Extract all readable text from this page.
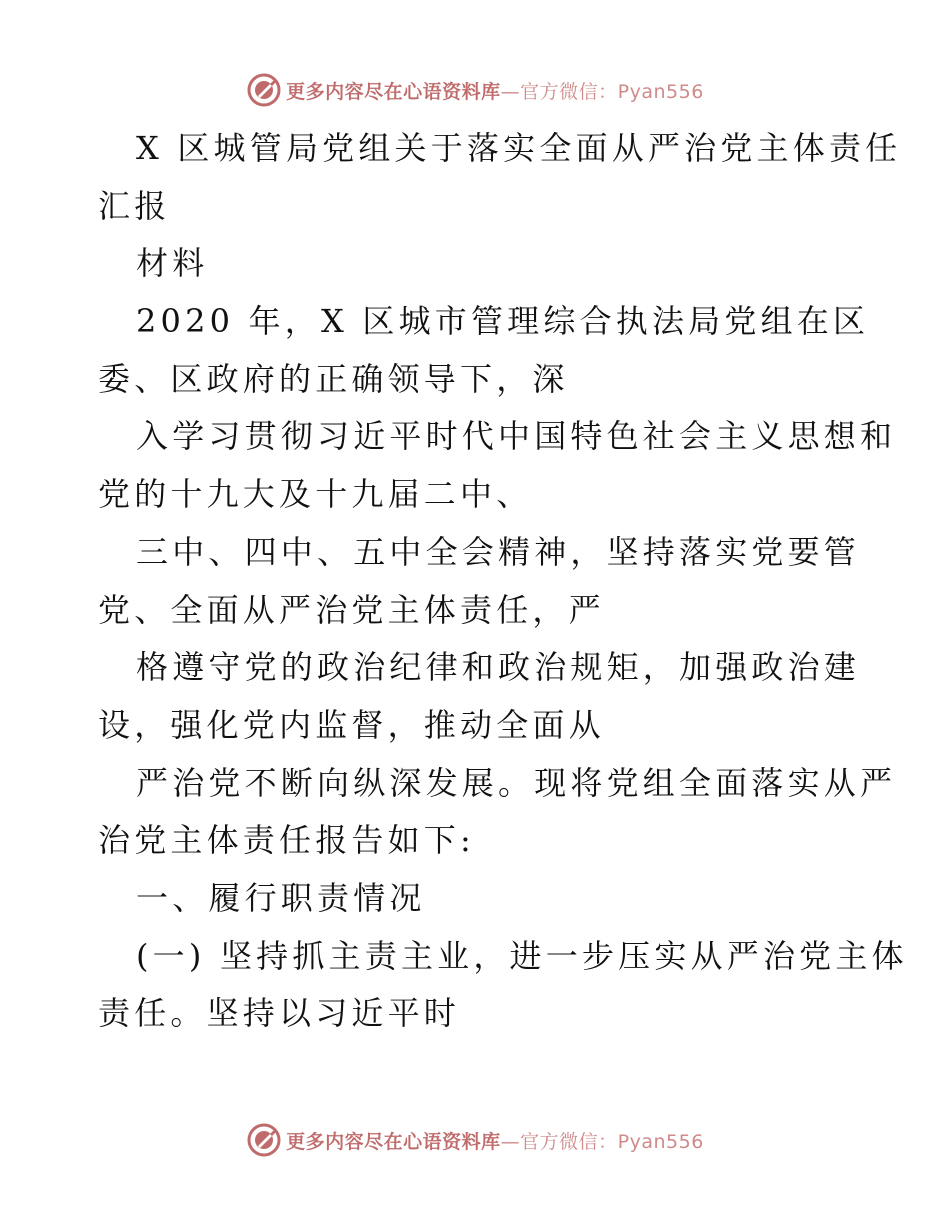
更多内容尽在心语资料库—官方微信：Pyan556
X 区城管局党组关于落实全面从严治党主体责任
汇报
材料
2020 年，X 区城市管理综合执法局党组在区
委、区政府的正确领导下，深
入学习贯彻习近平时代中国特色社会主义思想和
党的十九大及十九届二中、
三中、四中、五中全会精神，坚持落实党要管
党、全面从严治党主体责任，严
格遵守党的政治纪律和政治规矩，加强政治建
设，强化党内监督，推动全面从
严治党不断向纵深发展。现将党组全面落实从严
治党主体责任报告如下:
一、履行职责情况
(一) 坚持抓主责主业，进一步压实从严治党主体
责任。坚持以习近平时
更多内容尽在心语资料库—官方微信：Pyan556
